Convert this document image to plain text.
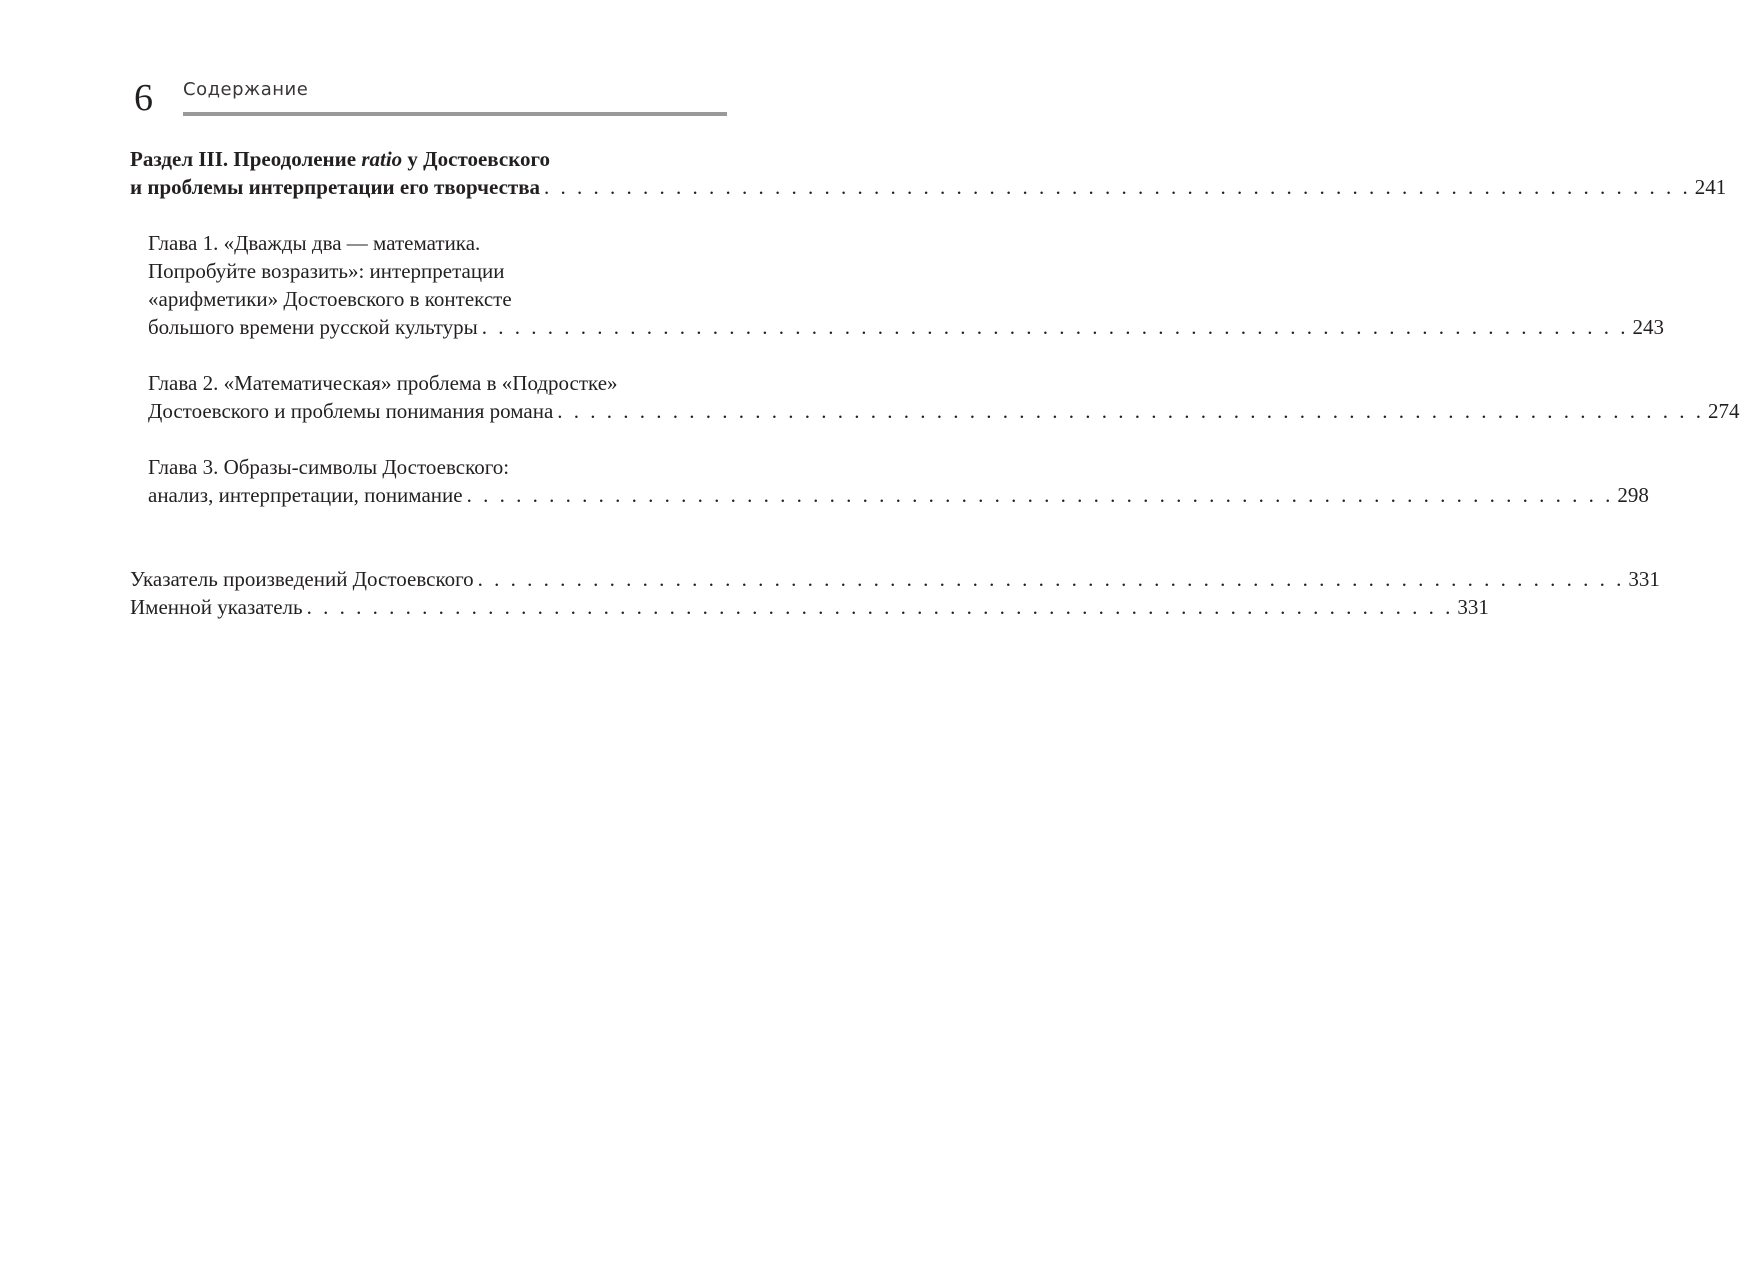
6 Содержание
Раздел III. Преодоление ratio у Достоевского
и проблемы интерпретации его творчества . . . . . . . . . . . . . . . . . . . . . . . . . . . . . . . . . . . . . . . . . . . . . . . . . . . . . . . . . . . . . . . . . . . . . . 241
Глава 1. «Дважды два — математика.
Попробуйте возразить»: интерпретации
«арифметики» Достоевского в контексте
большого времени русской культуры . . . . . . . . . . . . . . . . . . . . . . . . . . . . . . . . . . . . . . . . . . . . . . . . . . . . . . . . . . . . . . . . . . . . . . 243
Глава 2. «Математическая» проблема в «Подростке»
Достоевского и проблемы понимания романа . . . . . . . . . . . . . . . . . . . . . . . . . . . . . . . . . . . . . . . . . . . . . . . . . . . . . . . . . . . . . . . . . . . . . . 274
Глава 3. Образы-символы Достоевского:
анализ, интерпретации, понимание . . . . . . . . . . . . . . . . . . . . . . . . . . . . . . . . . . . . . . . . . . . . . . . . . . . . . . . . . . . . . . . . . . . . . . 298
Указатель произведений Достоевского . . . . . . . . . . . . . . . . . . . . . . . . . . . . . . . . . . . . . . . . . . . . . . . . . . . . . . . . . . . . . . . . . . . . . . 331
Именной указатель . . . . . . . . . . . . . . . . . . . . . . . . . . . . . . . . . . . . . . . . . . . . . . . . . . . . . . . . . . . . . . . . . . . . . . 331
